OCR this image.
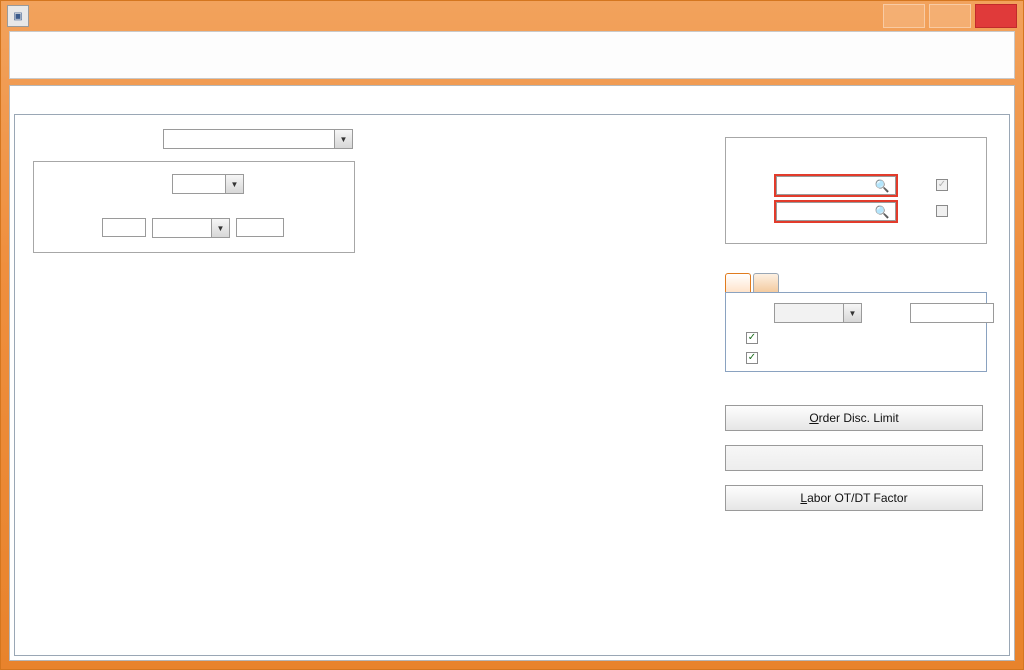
▣
▼
▼
▼
🔍	✓
🔍
▼
✓
✓
Order Disc. Limit
Labor OT/DT Factor
